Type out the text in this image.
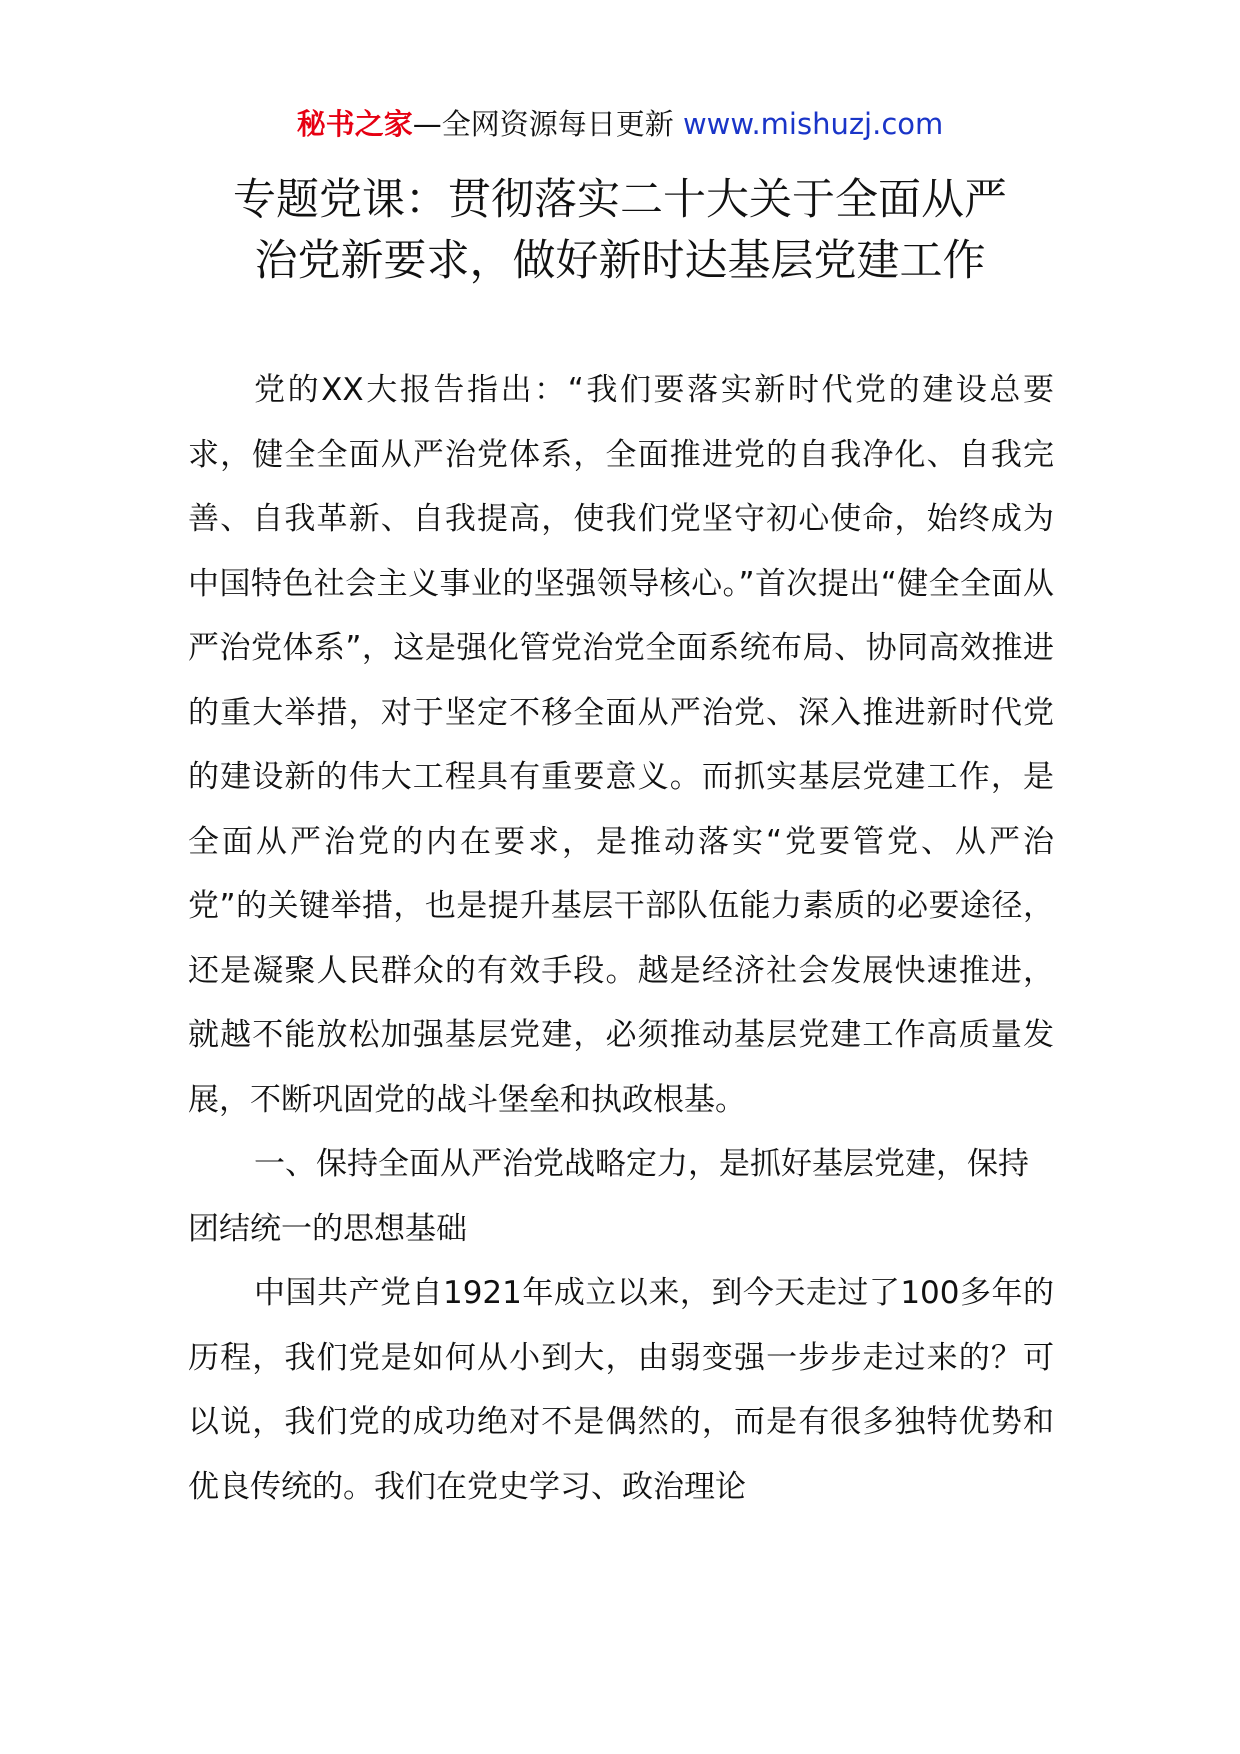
秘书之家—全网资源每日更新 www.mishuzj.com
专题党课：贯彻落实二十大关于全面从严
治党新要求，做好新时达基层党建工作

党的XX大报告指出：“我们要落实新时代党的建设总要求，健全全面从严治党体系，全面推进党的自我净化、自我完善、自我革新、自我提高，使我们党坚守初心使命，始终成为中国特色社会主义事业的坚强领导核心。”首次提出“健全全面从严治党体系”，这是强化管党治党全面系统布局、协同高效推进的重大举措，对于坚定不移全面从严治党、深入推进新时代党的建设新的伟大工程具有重要意义。而抓实基层党建工作，是全面从严治党的内在要求，是推动落实“党要管党、从严治党”的关键举措，也是提升基层干部队伍能力素质的必要途径，还是凝聚人民群众的有效手段。越是经济社会发展快速推进，就越不能放松加强基层党建，必须推动基层党建工作高质量发展，不断巩固党的战斗堡垒和执政根基。

一、保持全面从严治党战略定力，是抓好基层党建，保持团结统一的思想基础

中国共产党自1921年成立以来，到今天走过了100多年的历程，我们党是如何从小到大，由弱变强一步步走过来的？可以说，我们党的成功绝对不是偶然的，而是有很多独特优势和优良传统的。我们在党史学习、政治理论
